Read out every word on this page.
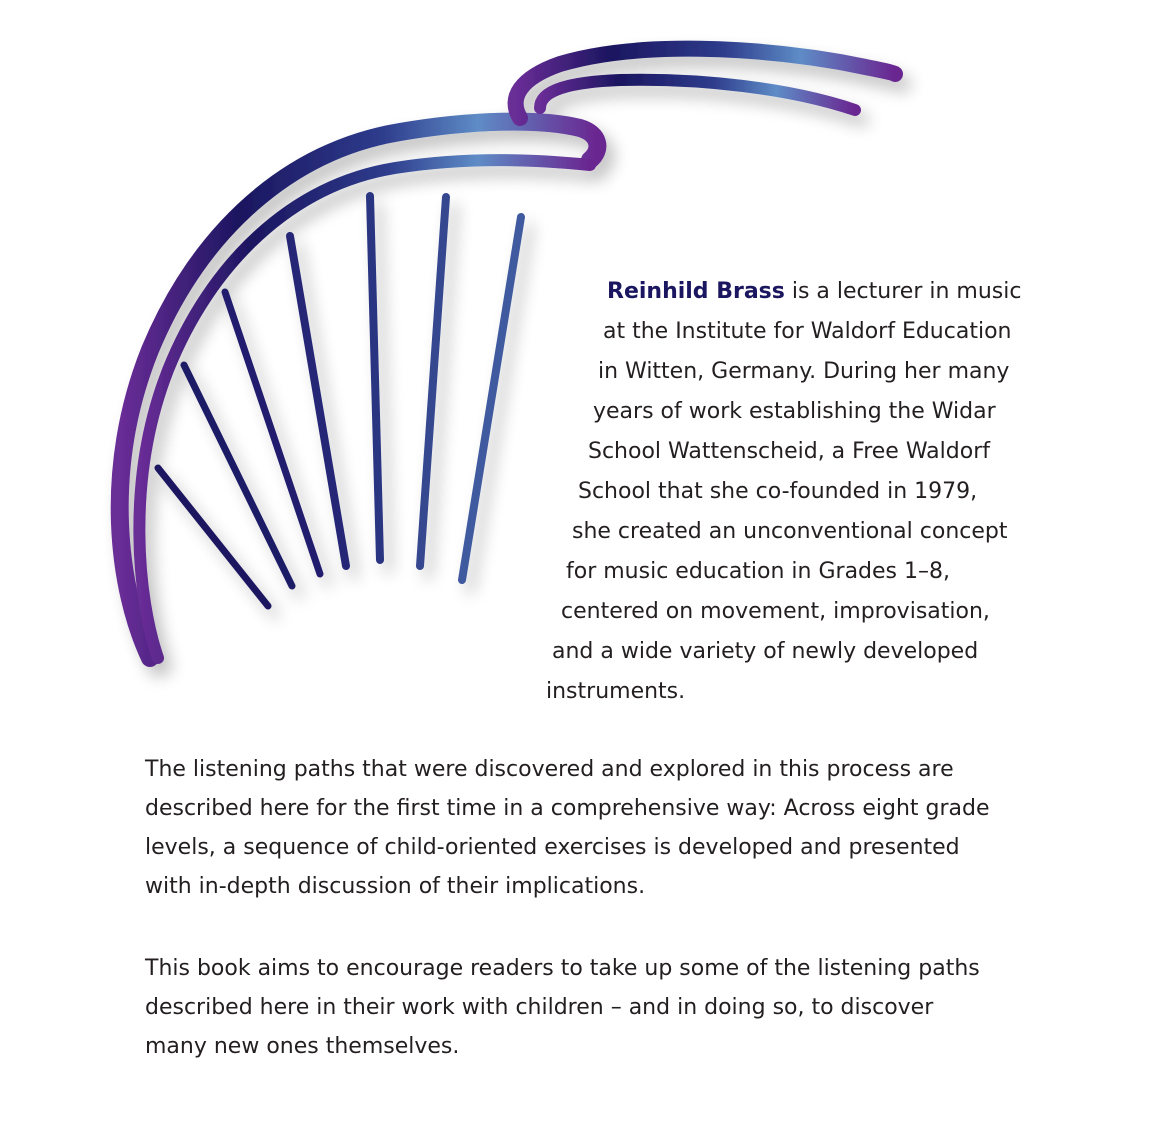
Reinhild Brass is a lecturer in music
at the Institute for Waldorf Education
in Witten, Germany. During her many
years of work establishing the Widar
School Wattenscheid, a Free Waldorf
School that she co-founded in 1979,
she created an unconventional concept
for music education in Grades 1–8,
centered on movement, improvisation,
and a wide variety of newly developed
instruments.

The listening paths that were discovered and explored in this process are
described here for the first time in a comprehensive way: Across eight grade
levels, a sequence of child-oriented exercises is developed and presented
with in-depth discussion of their implications.

This book aims to encourage readers to take up some of the listening paths
described here in their work with children – and in doing so, to discover
many new ones themselves.
